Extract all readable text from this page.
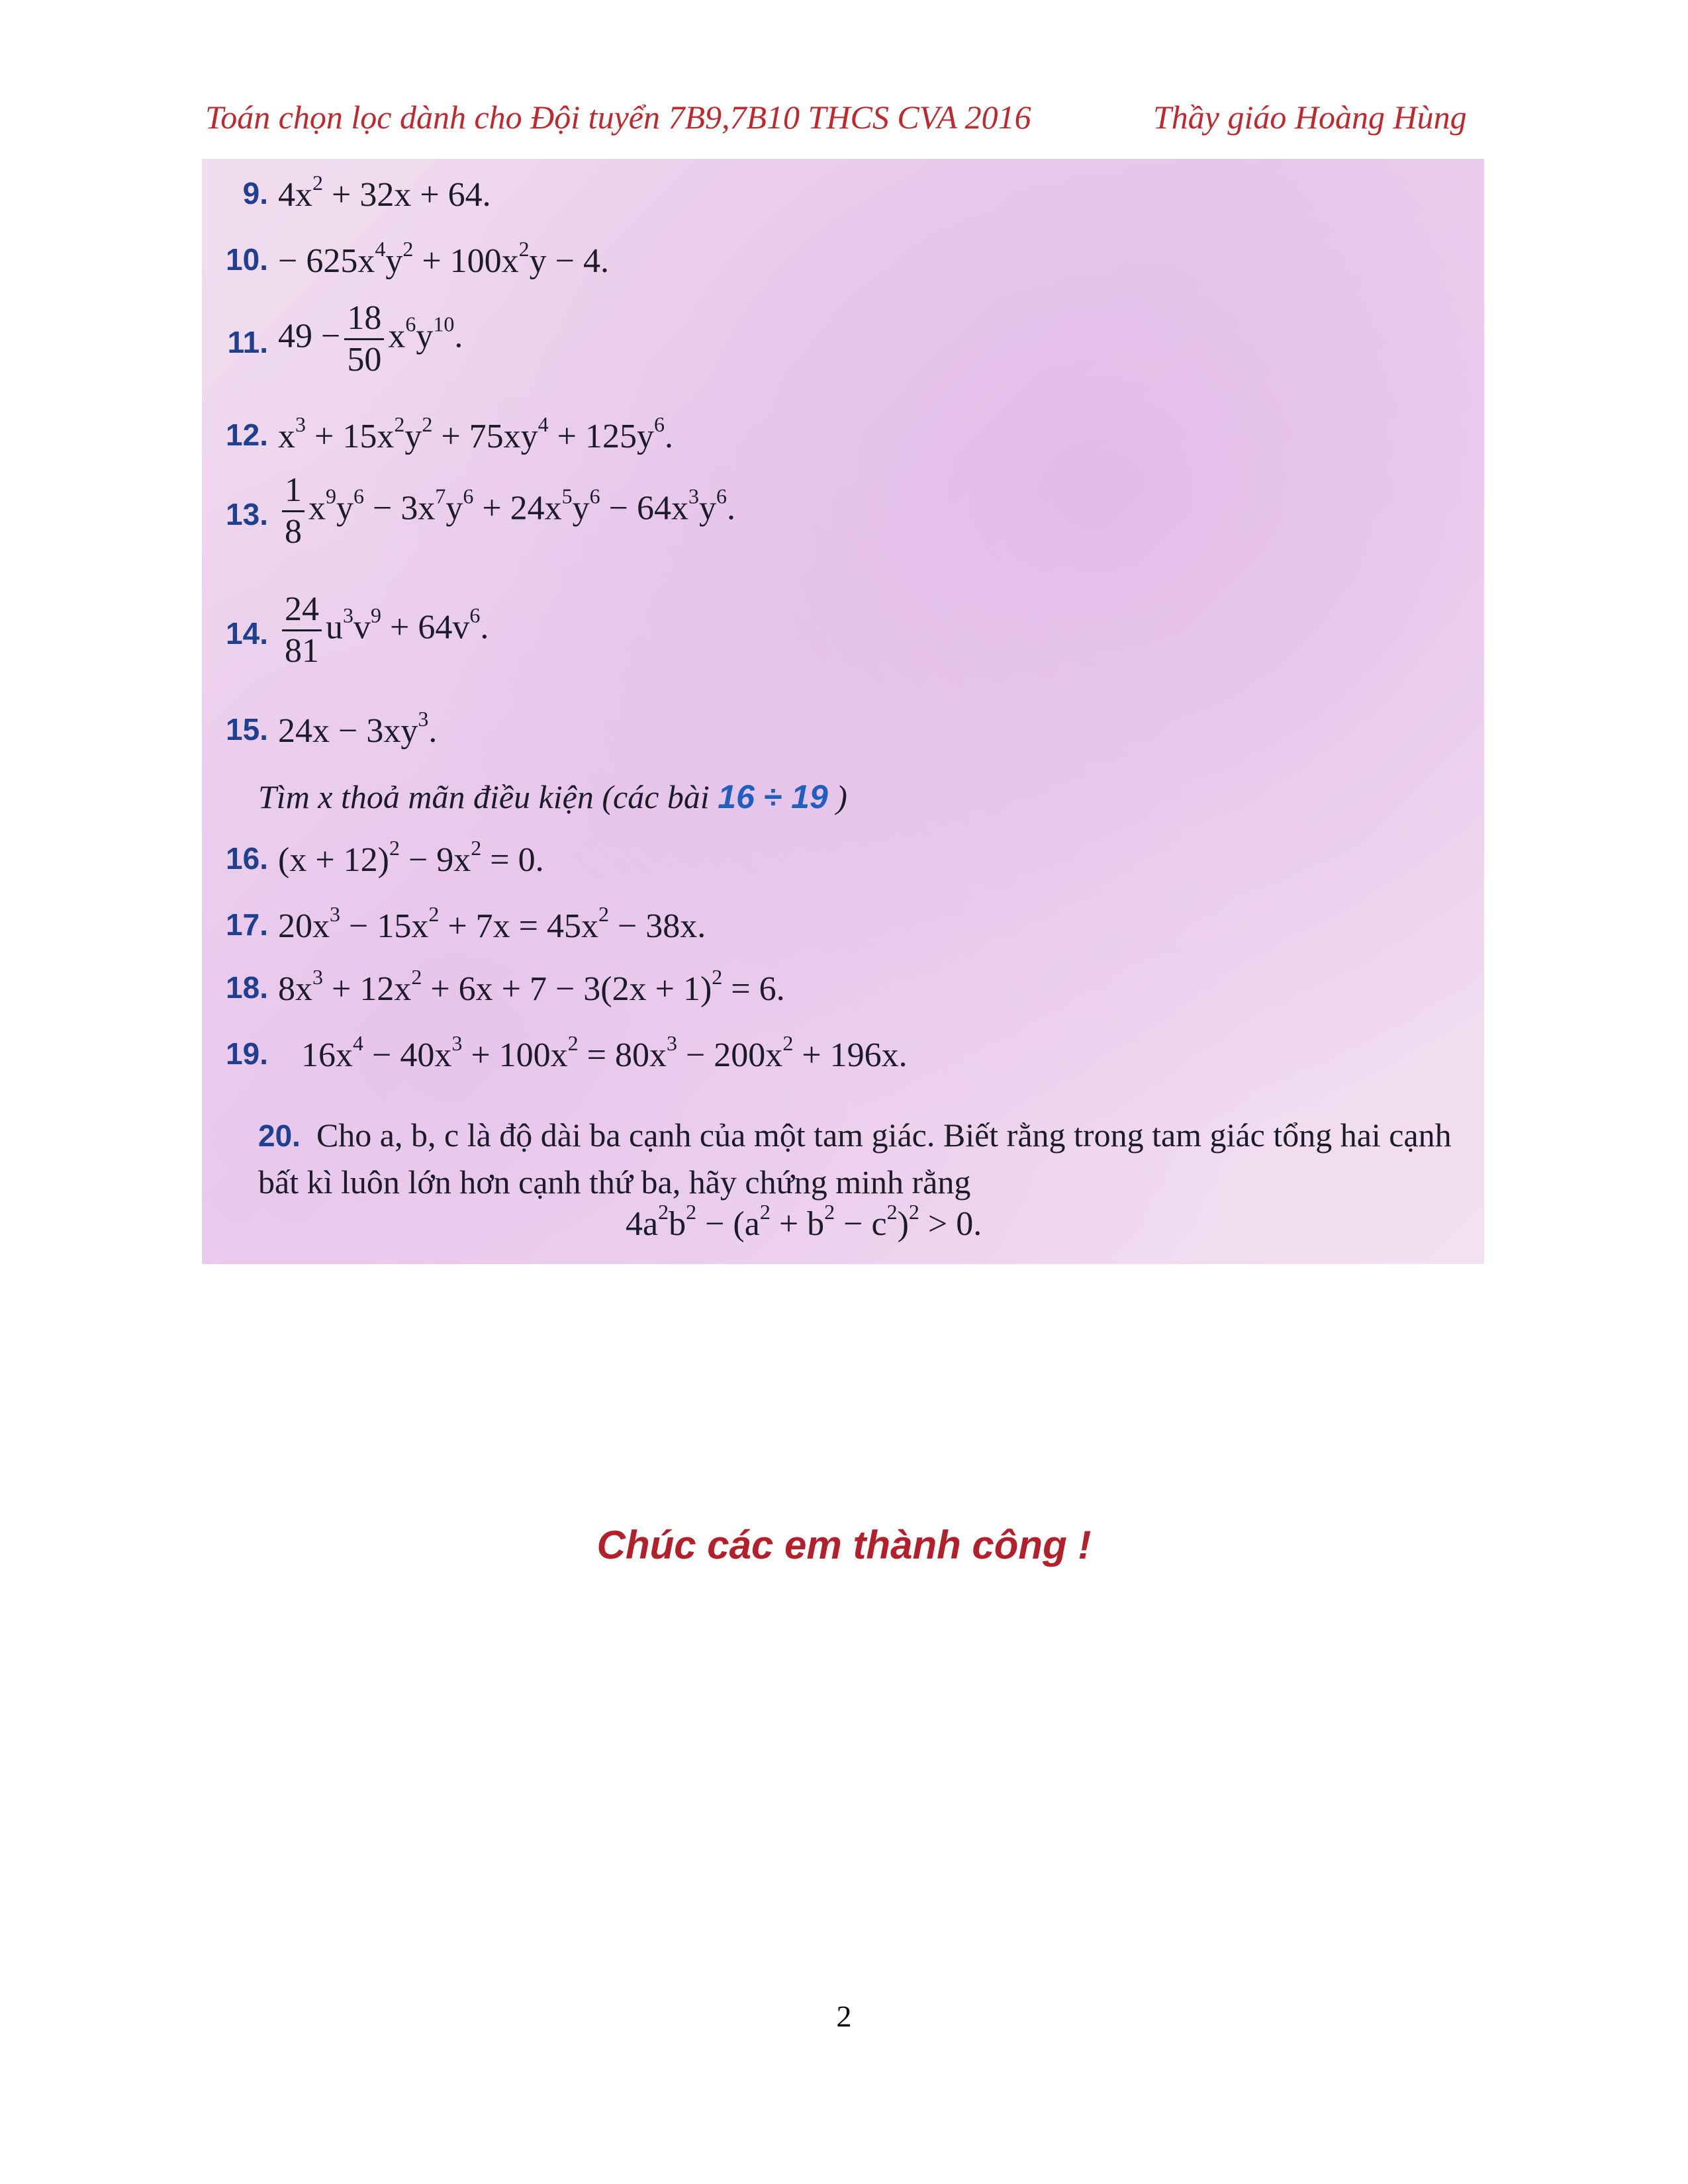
Toán chọn lọc dành cho Đội tuyển 7B9,7B10 THCS CVA 2016	Thầy giáo Hoàng Hùng
9. $4x^2 + 32x + 64$.
10. − $625x^4y^2 + 100x^2y - 4$.
11. $49 - \frac{18}{50} x^6y^{10}$.
12. $x^3 + 15x^2y^2 + 75xy^4 + 125y^6$.
13. $\frac{1}{8} x^9y^6 - 3x^7y^6 + 24x^5y^6 - 64x^3y^6$.
14. $\frac{24}{81} u^3v^9 + 64v^6$.
15. $24x - 3xy^3$.
Tìm x thoả mãn điều kiện (các bài 16 ÷ 19 )
16. $(x + 12)^2 - 9x^2 = 0$.
17. $20x^3 - 15x^2 + 7x = 45x^2 - 38x$.
18. $8x^3 + 12x^2 + 6x + 7 - 3(2x + 1)^2 = 6$.
19. $16x^4 - 40x^3 + 100x^2 = 80x^3 - 200x^2 + 196x$.
20. Cho a, b, c là độ dài ba cạnh của một tam giác. Biết rằng trong tam giác tổng hai cạnh bất kì luôn lớn hơn cạnh thứ ba, hãy chứng minh rằng
$4a^2b^2 - (a^2 + b^2 - c^2)^2 > 0$.
Chúc các em thành công !
2
